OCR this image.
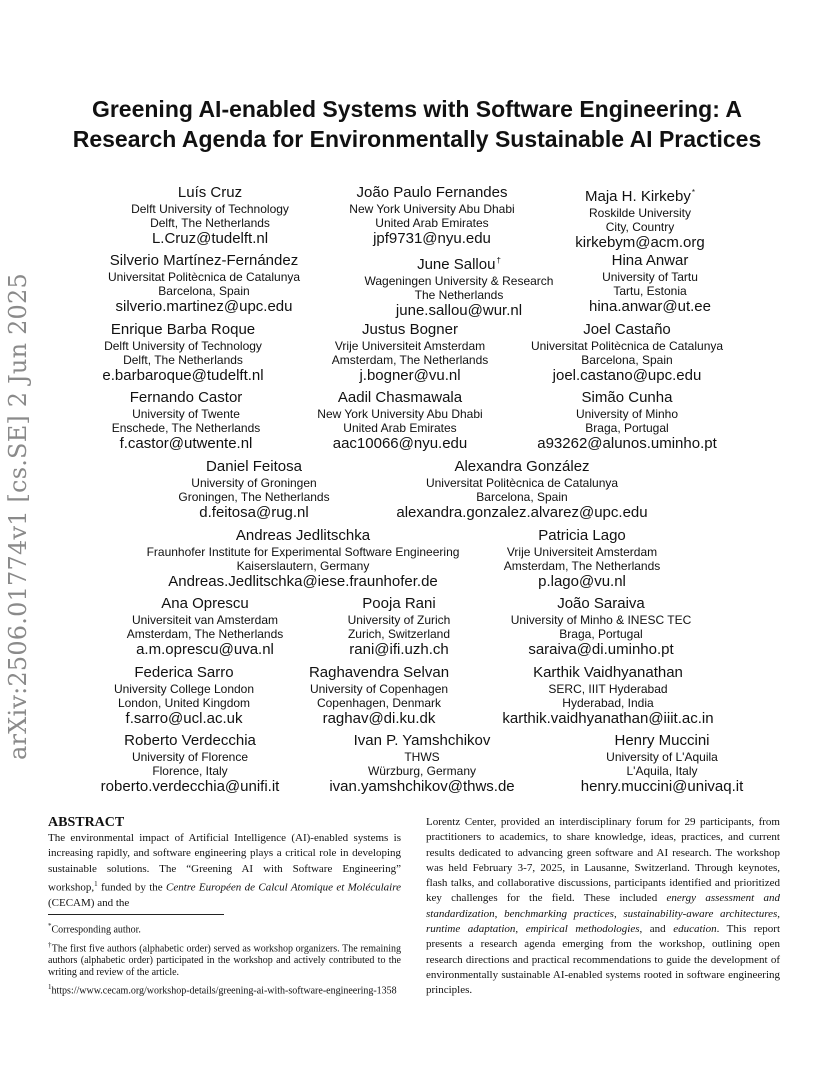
arXiv:2506.01774v1 [cs.SE] 2 Jun 2025
Greening AI-enabled Systems with Software Engineering: A
Research Agenda for Environmentally Sustainable AI Practices
Luís Cruz
Delft University of Technology
Delft, The Netherlands
L.Cruz@tudelft.nl
João Paulo Fernandes
New York University Abu Dhabi
United Arab Emirates
jpf9731@nyu.edu
Maja H. Kirkeby*
Roskilde University
City, Country
kirkebym@acm.org
Silverio Martínez-Fernández
Universitat Politècnica de Catalunya
Barcelona, Spain
silverio.martinez@upc.edu
June Sallou†
Wageningen University & Research
The Netherlands
june.sallou@wur.nl
Hina Anwar
University of Tartu
Tartu, Estonia
hina.anwar@ut.ee
Enrique Barba Roque
Delft University of Technology
Delft, The Netherlands
e.barbaroque@tudelft.nl
Justus Bogner
Vrije Universiteit Amsterdam
Amsterdam, The Netherlands
j.bogner@vu.nl
Joel Castaño
Universitat Politècnica de Catalunya
Barcelona, Spain
joel.castano@upc.edu
Fernando Castor
University of Twente
Enschede, The Netherlands
f.castor@utwente.nl
Aadil Chasmawala
New York University Abu Dhabi
United Arab Emirates
aac10066@nyu.edu
Simão Cunha
University of Minho
Braga, Portugal
a93262@alunos.uminho.pt
Daniel Feitosa
University of Groningen
Groningen, The Netherlands
d.feitosa@rug.nl
Alexandra González
Universitat Politècnica de Catalunya
Barcelona, Spain
alexandra.gonzalez.alvarez@upc.edu
Andreas Jedlitschka
Fraunhofer Institute for Experimental Software Engineering
Kaiserslautern, Germany
Andreas.Jedlitschka@iese.fraunhofer.de
Patricia Lago
Vrije Universiteit Amsterdam
Amsterdam, The Netherlands
p.lago@vu.nl
Ana Oprescu
Universiteit van Amsterdam
Amsterdam, The Netherlands
a.m.oprescu@uva.nl
Pooja Rani
University of Zurich
Zurich, Switzerland
rani@ifi.uzh.ch
João Saraiva
University of Minho & INESC TEC
Braga, Portugal
saraiva@di.uminho.pt
Federica Sarro
University College London
London, United Kingdom
f.sarro@ucl.ac.uk
Raghavendra Selvan
University of Copenhagen
Copenhagen, Denmark
raghav@di.ku.dk
Karthik Vaidhyanathan
SERC, IIIT Hyderabad
Hyderabad, India
karthik.vaidhyanathan@iiit.ac.in
Roberto Verdecchia
University of Florence
Florence, Italy
roberto.verdecchia@unifi.it
Ivan P. Yamshchikov
THWS
Würzburg, Germany
ivan.yamshchikov@thws.de
Henry Muccini
University of L'Aquila
L'Aquila, Italy
henry.muccini@univaq.it
ABSTRACT
The environmental impact of Artificial Intelligence (AI)-enabled systems is increasing rapidly, and software engineering plays a critical role in developing sustainable solutions. The “Greening AI with Software Engineering” workshop,$^1$ funded by the Centre Européen de Calcul Atomique et Moléculaire (CECAM) and the
*Corresponding author.
†The first five authors (alphabetic order) served as workshop organizers. The remaining authors (alphabetic order) participated in the workshop and actively contributed to the writing and review of the article.
$^1$https://www.cecam.org/workshop-details/greening-ai-with-software-engineering-1358
Lorentz Center, provided an interdisciplinary forum for 29 participants, from practitioners to academics, to share knowledge, ideas, practices, and current results dedicated to advancing green software and AI research. The workshop was held February 3-7, 2025, in Lausanne, Switzerland. Through keynotes, flash talks, and collaborative discussions, participants identified and prioritized key challenges for the field. These included energy assessment and standardization, benchmarking practices, sustainability-aware architectures, runtime adaptation, empirical methodologies, and education. This report presents a research agenda emerging from the workshop, outlining open research directions and practical recommendations to guide the development of environmentally sustainable AI-enabled systems rooted in software engineering principles.
